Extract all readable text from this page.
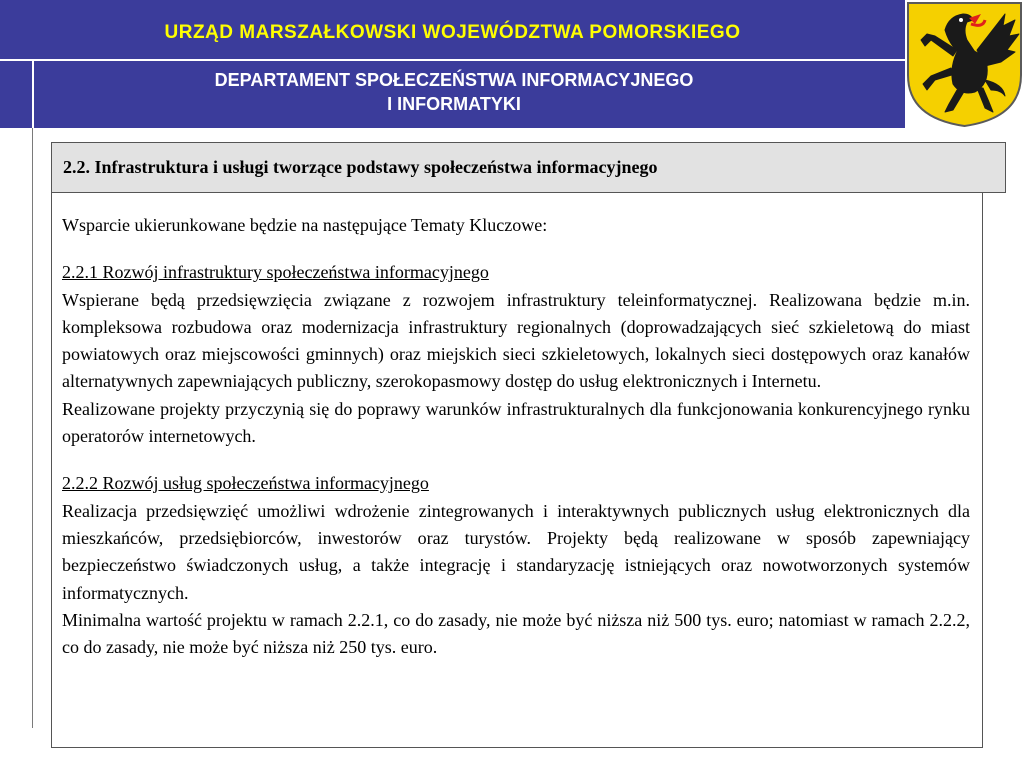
URZĄD MARSZAŁKOWSKI WOJEWÓDZTWA POMORSKIEGO
DEPARTAMENT SPOŁECZEŃSTWA INFORMACYJNEGO
I INFORMATYKI
2.2. Infrastruktura i usługi tworzące podstawy społeczeństwa informacyjnego

Wsparcie ukierunkowane będzie na następujące Tematy Kluczowe:

2.2.1 Rozwój infrastruktury społeczeństwa informacyjnego

Wspierane będą przedsięwzięcia związane z rozwojem infrastruktury teleinformatycznej. Realizowana będzie m.in. kompleksowa rozbudowa oraz modernizacja infrastruktury regionalnych (doprowadzających sieć szkieletową do miast powiatowych oraz miejscowości gminnych) oraz miejskich sieci szkieletowych, lokalnych sieci dostępowych oraz kanałów alternatywnych zapewniających publiczny, szerokopasmowy dostęp do usług elektronicznych i Internetu.

Realizowane projekty przyczynią się do poprawy warunków infrastrukturalnych dla funkcjonowania konkurencyjnego rynku operatorów internetowych.

2.2.2 Rozwój usług społeczeństwa informacyjnego

Realizacja przedsięwzięć umożliwi wdrożenie zintegrowanych i interaktywnych publicznych usług elektronicznych dla mieszkańców, przedsiębiorców, inwestorów oraz turystów. Projekty będą realizowane w sposób zapewniający bezpieczeństwo świadczonych usług, a także integrację i standaryzację istniejących oraz nowotworzonych systemów informatycznych.

Minimalna wartość projektu w ramach 2.2.1, co do zasady, nie może być niższa niż 500 tys. euro; natomiast w ramach 2.2.2, co do zasady, nie może być niższa niż 250 tys. euro.
